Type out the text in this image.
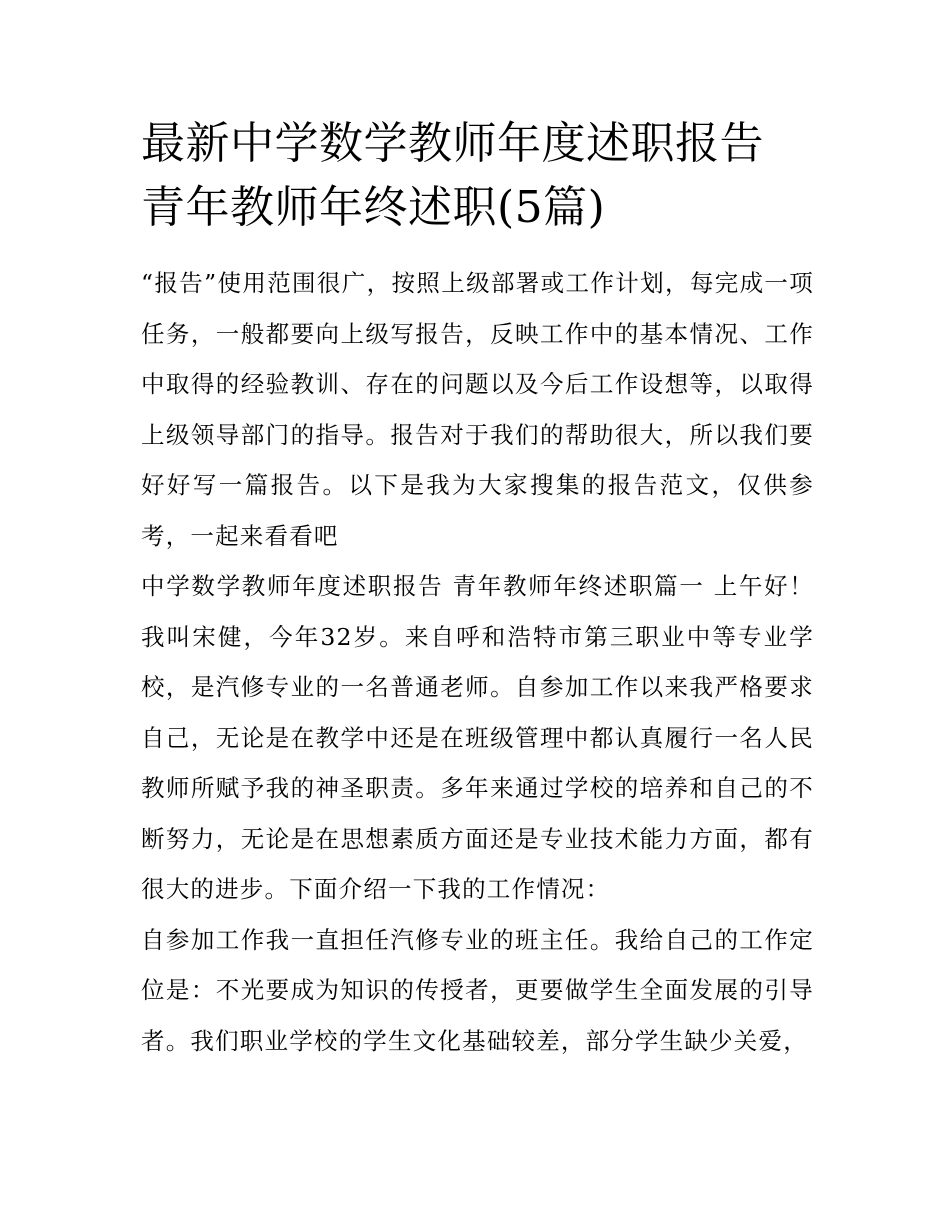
最新中学数学教师年度述职报告 青年教师年终述职(5篇)

“报告”使用范围很广，按照上级部署或工作计划，每完成一项任务，一般都要向上级写报告，反映工作中的基本情况、工作中取得的经验教训、存在的问题以及今后工作设想等，以取得上级领导部门的指导。报告对于我们的帮助很大，所以我们要好好写一篇报告。以下是我为大家搜集的报告范文，仅供参考，一起来看看吧

中学数学教师年度述职报告 青年教师年终述职篇一 上午好！我叫宋健，今年32岁。来自呼和浩特市第三职业中等专业学校，是汽修专业的一名普通老师。自参加工作以来我严格要求自己，无论是在教学中还是在班级管理中都认真履行一名人民教师所赋予我的神圣职责。多年来通过学校的培养和自己的不断努力，无论是在思想素质方面还是专业技术能力方面，都有很大的进步。下面介绍一下我的工作情况：

自参加工作我一直担任汽修专业的班主任。我给自己的工作定位是：不光要成为知识的传授者，更要做学生全面发展的引导者。我们职业学校的学生文化基础较差，部分学生缺少关爱，
